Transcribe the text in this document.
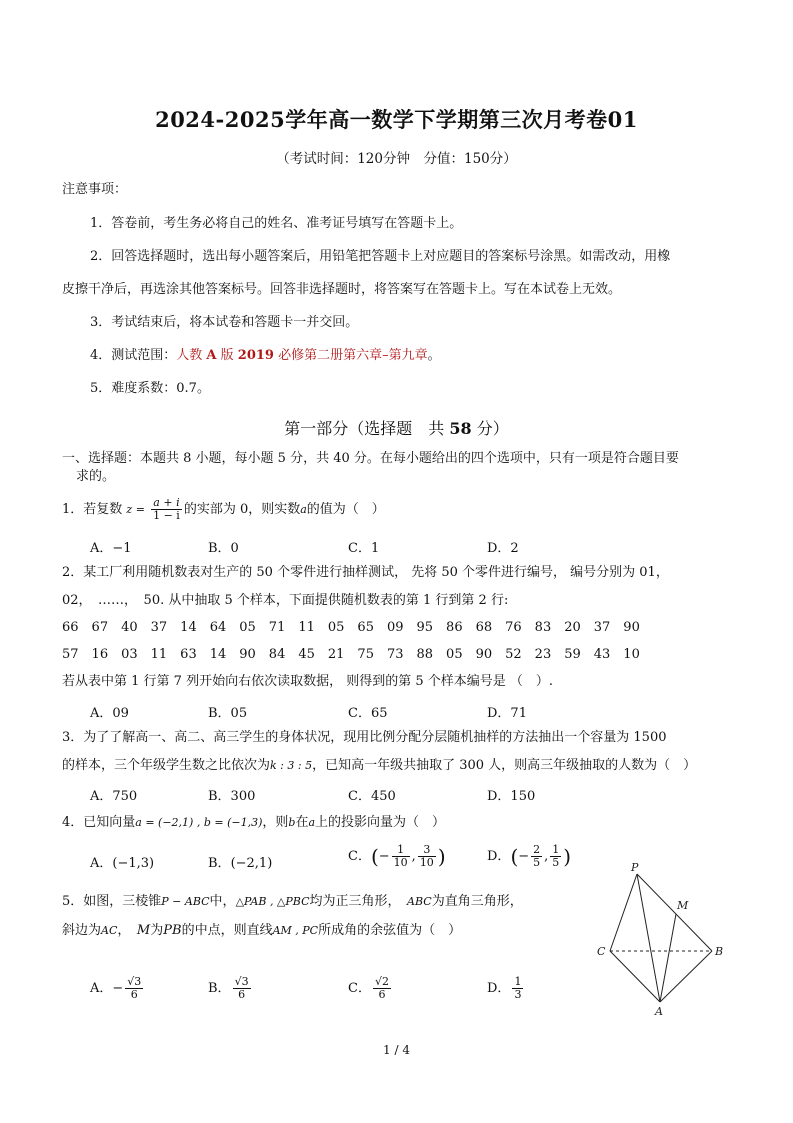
2024-2025学年高一数学下学期第三次月考卷01
（考试时间：120分钟　分值：150分）
注意事项：
1．答卷前，考生务必将自己的姓名、准考证号填写在答题卡上。
2．回答选择题时，选出每小题答案后，用铅笔把答题卡上对应题目的答案标号涂黑。如需改动，用橡
皮擦干净后，再选涂其他答案标号。回答非选择题时，将答案写在答题卡上。写在本试卷上无效。
3．考试结束后，将本试卷和答题卡一并交回。
4．测试范围：人教 A 版 2019 必修第二册第六章–第九章。
5．难度系数：0.7。
第一部分（选择题　共 58 分）
一、选择题：本题共 8 小题，每小题 5 分，共 40 分。在每小题给出的四个选项中，只有一项是符合题目要
求的。
1．若复数 $z = \frac{a + i}{1 - i}$ 的实部为 0，则实数a的值为（　）
A．−1	B．0	C．1	D．2
2．某工厂利用随机数表对生产的 50 个零件进行抽样测试， 先将 50 个零件进行编号， 编号分别为 01，
02，　……，　50. 从中抽取 5 个样本，下面提供随机数表的第 1 行到第 2 行:
66　67　40　37　14　64　05　71　11　05　65　09　95　86　68　76　83　20　37　90
57　16　03　11　63　14　90　84　45　21　75　73　88　05　90　52　23　59　43　10
若从表中第 1 行第 7 列开始向右依次读取数据， 则得到的第 5 个样本编号是 （　）.
A．09	B．05	C．65	D．71
3．为了了解高一、高二、高三学生的身体状况，现用比例分配分层随机抽样的方法抽出一个容量为 1500
的样本，三个年级学生数之比依次为k : 3 : 5，已知高一年级共抽取了 300 人，则高三年级抽取的人数为（　）
A．750	B．300	C．450	D．150
4．已知向量a = (−2,1) , b = (−1,3)，则b在a上的投影向量为（　）
A．(−1,3)	B．(−2,1)	C．(− $\frac{1}{10}$ , $\frac{3}{10}$ )	D．(− $\frac{2}{5}$ , $\frac{1}{5}$ )
5．如图，三棱锥P − ABC中，△PAB , △PBC均为正三角形，　 ABC为直角三角形，
斜边为AC，　 M为PB的中点，则直线AM , PC所成角的余弦值为（　）
A．− $\frac{√3}{6}$	B． $\frac{√3}{6}$	C． $\frac{√2}{6}$	D． $\frac{1}{3}$
P
M
C	B
A
1 / 4
